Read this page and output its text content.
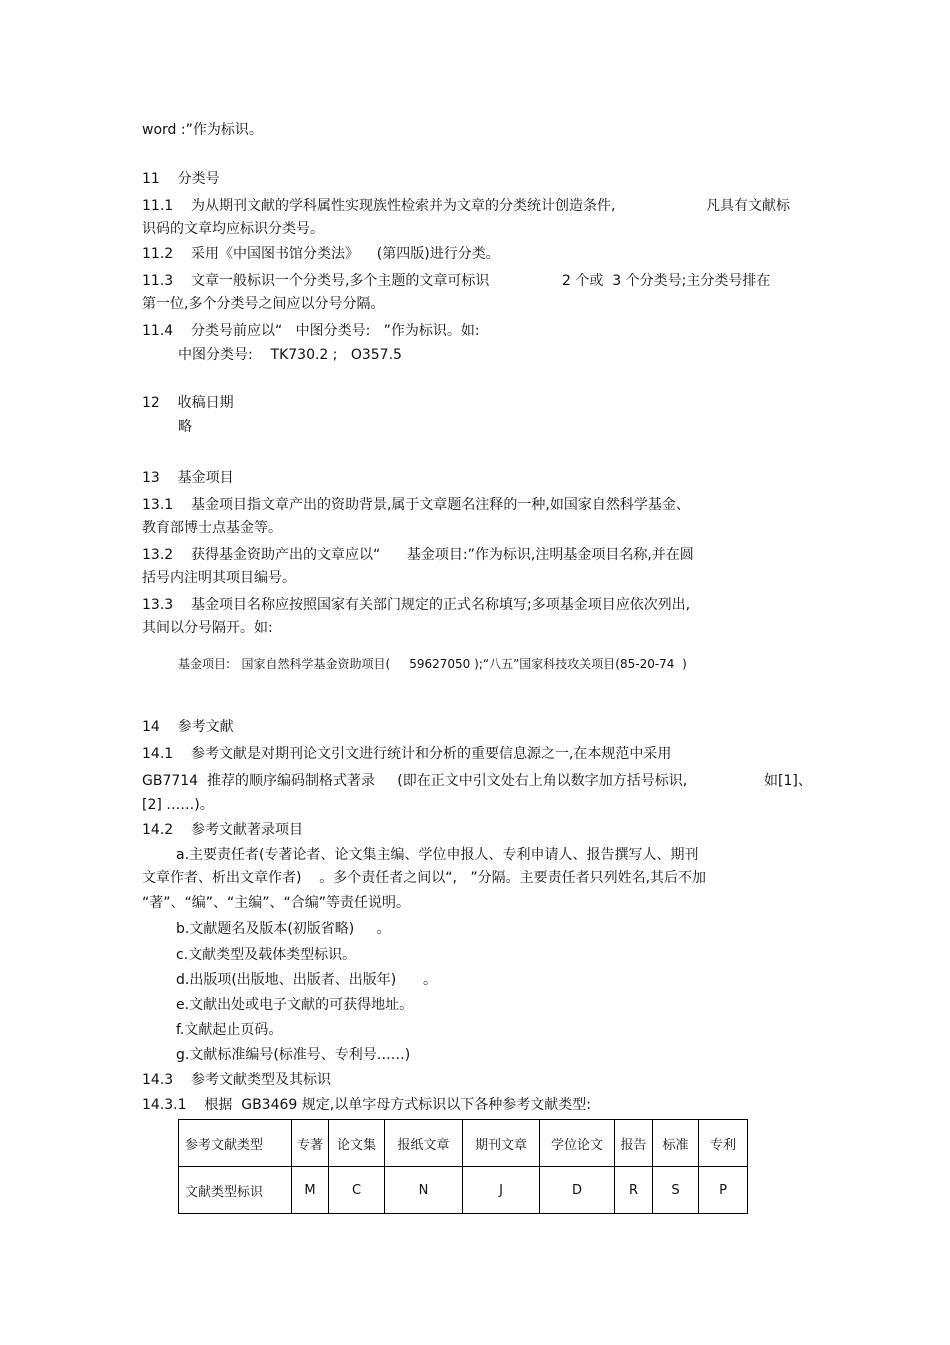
word :”作为标识。
11    分类号
11.1    为从期刊文献的学科属性实现族性检索并为文章的分类统计创造条件,	凡具有文献标
识码的文章均应标识分类号。
11.2    采用《中国图书馆分类法》    (第四版)进行分类。
11.3    文章一般标识一个分类号,多个主题的文章可标识	2 个或  3 个分类号;主分类号排在
第一位,多个分类号之间应以分号分隔。
11.4    分类号前应以“   中图分类号:   ”作为标识。如:
中图分类号:    TK730.2 ;   O357.5
12    收稿日期
略
13    基金项目
13.1    基金项目指文章产出的资助背景,属于文章题名注释的一种,如国家自然科学基金、
教育部博士点基金等。
13.2    获得基金资助产出的文章应以“      基金项目:”作为标识,注明基金项目名称,并在圆
括号内注明其项目编号。
13.3    基金项目名称应按照国家有关部门规定的正式名称填写;多项基金项目应依次列出,
其间以分号隔开。如:
基金项目:   国家自然科学基金资助项目(     59627050 );“八五”国家科技攻关项目(85-20-74  )
14    参考文献
14.1    参考文献是对期刊论文引文进行统计和分析的重要信息源之一,在本规范中采用
GB7714  推荐的顺序编码制格式著录     (即在正文中引文处右上角以数字加方括号标识,	如[1]、
[2] ……)。
14.2    参考文献著录项目
a.主要责任者(专著论者、论文集主编、学位申报人、专利申请人、报告撰写人、期刊
文章作者、析出文章作者)    。多个责任者之间以“,   ”分隔。主要责任者只列姓名,其后不加
“著”、“编”、“主编”、“合编”等责任说明。
b.文献题名及版本(初版省略)     。
c.文献类型及载体类型标识。
d.出版项(出版地、出版者、出版年)      。
e.文献出处或电子文献的可获得地址。
f.文献起止页码。
g.文献标准编号(标准号、专利号……)
14.3    参考文献类型及其标识
14.3.1    根据  GB3469 规定,以单字母方式标识以下各种参考文献类型:
参考文献类型	专著	论文集	报纸文章	期刊文章	学位论文	报告	标准	专利
文献类型标识	M	C	N	J	D	R	S	P
